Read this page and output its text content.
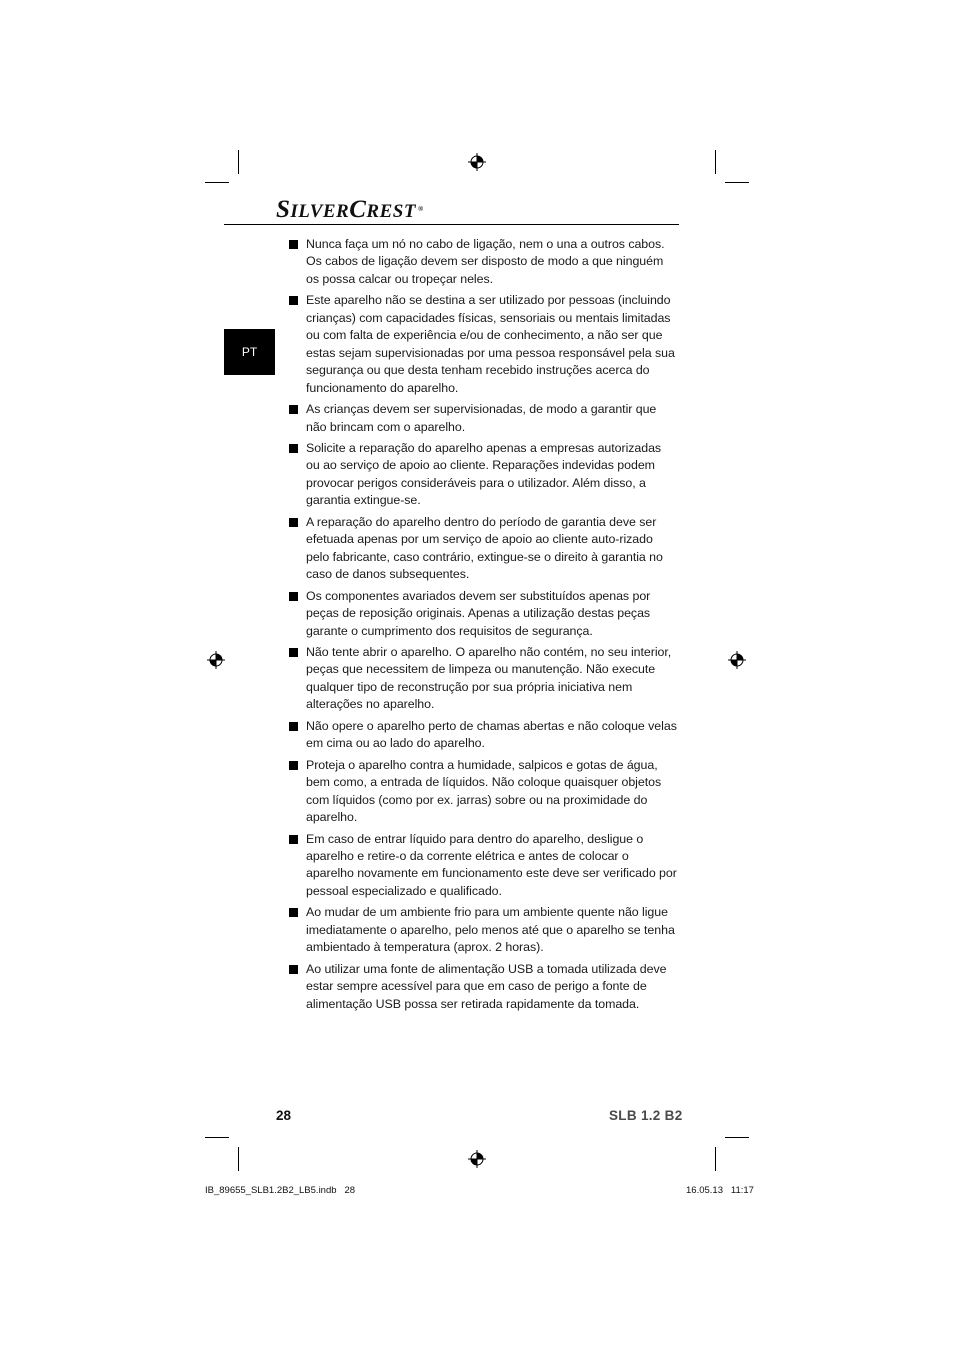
SILVERCREST ®
PT
Nunca faça um nó no cabo de ligação, nem o una a outros cabos. Os cabos de ligação devem ser disposto de modo a que ninguém os possa calcar ou tropeçar neles.
Este aparelho não se destina a ser utilizado por pessoas (incluindo crianças) com capacidades físicas, sensoriais ou mentais limitadas ou com falta de experiência e/ou de conhecimento, a não ser que estas sejam supervisionadas por uma pessoa responsável pela sua segurança ou que desta tenham recebido instruções acerca do funcionamento do aparelho.
As crianças devem ser supervisionadas, de modo a garantir que não brincam com o aparelho.
Solicite a reparação do aparelho apenas a empresas autorizadas ou ao serviço de apoio ao cliente. Reparações indevidas podem provocar perigos consideráveis para o utilizador. Além disso, a garantia extingue-se.
A reparação do aparelho dentro do período de garantia deve ser efetuada apenas por um serviço de apoio ao cliente auto-rizado pelo fabricante, caso contrário, extingue-se o direito à garantia no caso de danos subsequentes.
Os componentes avariados devem ser substituídos apenas por peças de reposição originais. Apenas a utilização destas peças garante o cumprimento dos requisitos de segurança.
Não tente abrir o aparelho. O aparelho não contém, no seu interior, peças que necessitem de limpeza ou manutenção. Não execute qualquer tipo de reconstrução por sua própria iniciativa nem alterações no aparelho.
Não opere o aparelho perto de chamas abertas e não coloque velas em cima ou ao lado do aparelho.
Proteja o aparelho contra a humidade, salpicos e gotas de água, bem como, a entrada de líquidos. Não coloque quaisquer objetos com líquidos (como por ex. jarras) sobre ou na proximidade do aparelho.
Em caso de entrar líquido para dentro do aparelho, desligue o aparelho e retire-o da corrente elétrica e antes de colocar o aparelho novamente em funcionamento este deve ser verificado por pessoal especializado e qualificado.
Ao mudar de um ambiente frio para um ambiente quente não ligue imediatamente o aparelho, pelo menos até que o aparelho se tenha ambientado à temperatura (aprox. 2 horas).
Ao utilizar uma fonte de alimentação USB a tomada utilizada deve estar sempre acessível para que em caso de perigo a fonte de alimentação USB possa ser retirada rapidamente da tomada.
28	SLB 1.2 B2
IB_89655_SLB1.2B2_LB5.indb   28	16.05.13   11:17
